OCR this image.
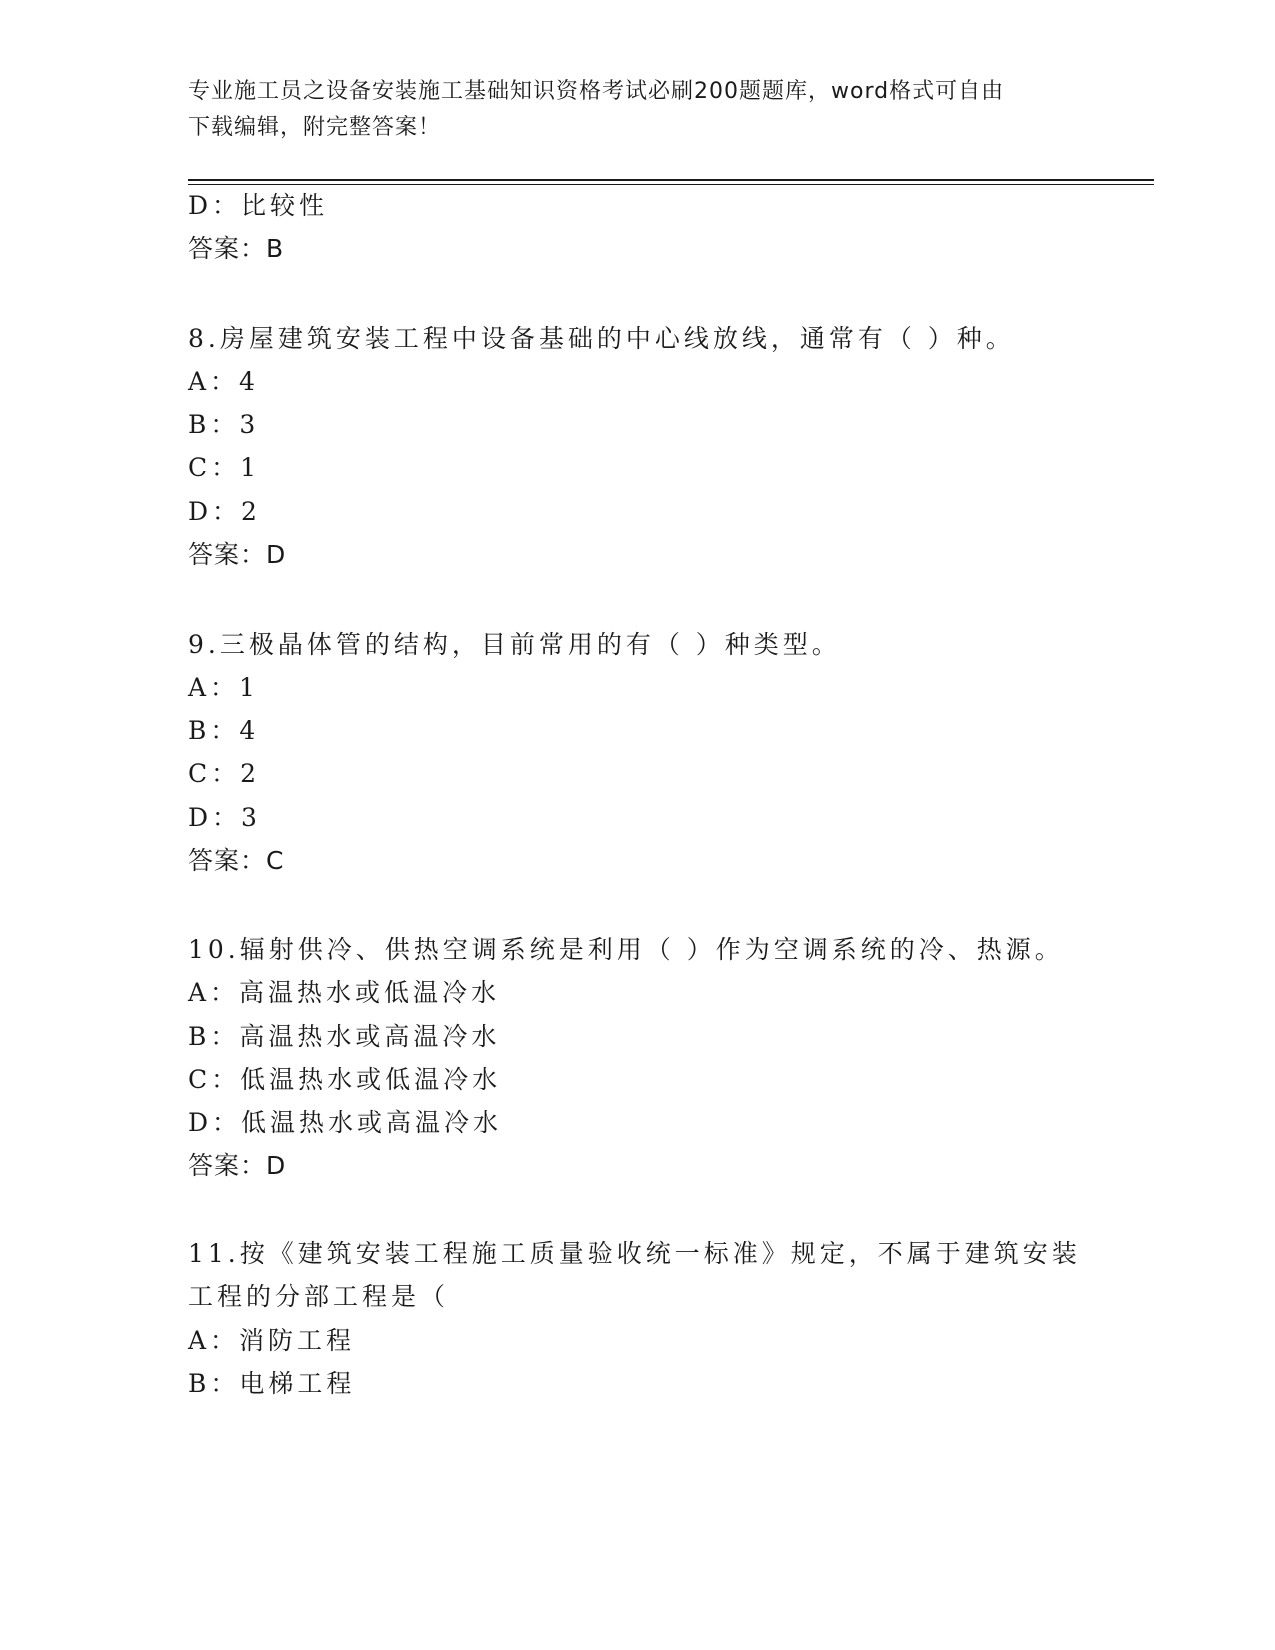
专业施工员之设备安装施工基础知识资格考试必刷200题题库，word格式可自由
下载编辑，附完整答案！
D：比较性
答案：B
8.房屋建筑安装工程中设备基础的中心线放线，通常有（ ）种。
A：4
B：3
C：1
D：2
答案：D
9.三极晶体管的结构，目前常用的有（ ）种类型。
A：1
B：4
C：2
D：3
答案：C
10.辐射供冷、供热空调系统是利用（ ）作为空调系统的冷、热源。
A：高温热水或低温冷水
B：高温热水或高温冷水
C：低温热水或低温冷水
D：低温热水或高温冷水
答案：D
11.按《建筑安装工程施工质量验收统一标准》规定，不属于建筑安装
工程的分部工程是（
A：消防工程
B：电梯工程
